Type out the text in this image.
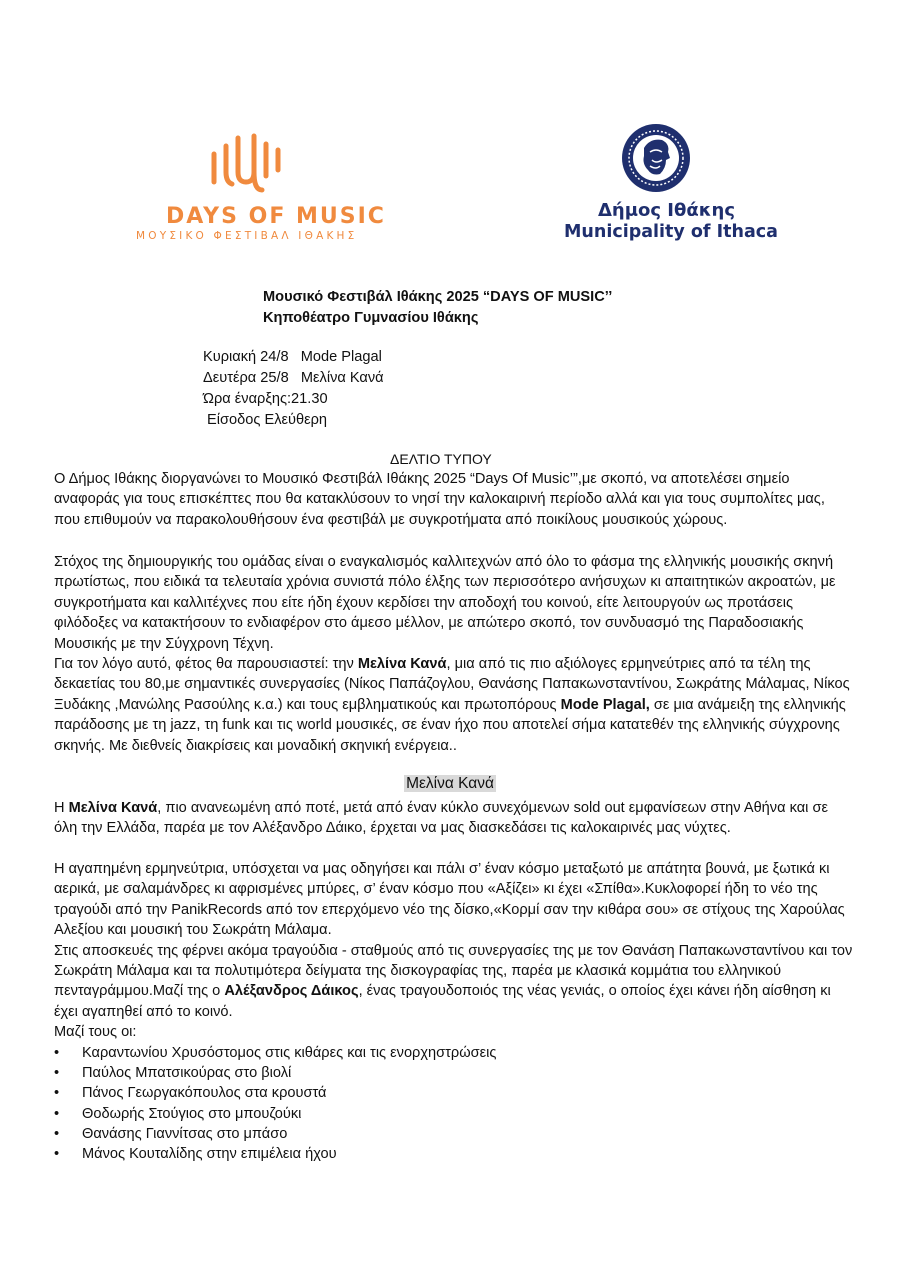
DAYS OF MUSIC
ΜΟΥΣΙΚΟ ΦΕΣΤΙΒΑΛ ΙΘΑΚΗΣ
Δήμος Ιθάκης
Municipality of Ithaca
Μουσικό Φεστιβάλ Ιθάκης 2025 “DAYS OF MUSIC’’
Κηποθέατρο Γυμνασίου Ιθάκης
Κυριακή 24/8   Mode Plagal
Δευτέρα 25/8   Μελίνα Κανά
Ώρα έναρξης:21.30
Είσοδος Ελεύθερη
ΔΕΛΤΙΟ ΤΥΠΟΥ

Ο Δήμος Ιθάκης διοργανώνει το Μουσικό Φεστιβάλ Ιθάκης 2025 “Days Of Music’”,με σκοπό, να αποτελέσει σημείο αναφοράς για τους επισκέπτες που θα κατακλύσουν το νησί την καλοκαιρινή περίοδο αλλά και για τους συμπολίτες μας, που επιθυμούν να παρακολουθήσουν ένα φεστιβάλ με συγκροτήματα από ποικίλους μουσικούς χώρους.

Στόχος της δημιουργικής του ομάδας είναι ο εναγκαλισμός καλλιτεχνών από όλο το φάσμα της ελληνικής μουσικής σκηνή πρωτίστως, που ειδικά τα τελευταία χρόνια συνιστά πόλο έλξης των περισσότερο ανήσυχων κι απαιτητικών ακροατών, με συγκροτήματα και καλλιτέχνες που είτε ήδη έχουν κερδίσει την αποδοχή του κοινού, είτε λειτουργούν ως προτάσεις φιλόδοξες να κατακτήσουν το ενδιαφέρον στο άμεσο μέλλον, με απώτερο σκοπό, τον συνδυασμό της Παραδοσιακής Μουσικής με την Σύγχρονη Τέχνη.

Για τον λόγο αυτό, φέτος θα παρουσιαστεί: την Μελίνα Κανά, μια από τις πιο αξιόλογες ερμηνεύτριες από τα τέλη της δεκαετίας του 80,με σημαντικές συνεργασίες (Νίκος Παπάζογλου, Θανάσης Παπακωνσταντίνου, Σωκράτης Μάλαμας, Νίκος Ξυδάκης ,Μανώλης Ρασούλης κ.α.) και τους εμβληματικούς και πρωτοπόρους Mode Plagal, σε μια ανάμειξη της ελληνικής παράδοσης με τη jazz, τη funk και τις world μουσικές, σε έναν ήχο που αποτελεί σήμα κατατεθέν της ελληνικής σύγχρονης σκηνής. Με διεθνείς διακρίσεις και μοναδική σκηνική ενέργεια..

Μελίνα Κανά

Η Μελίνα Κανά, πιο ανανεωμένη από ποτέ, μετά από έναν κύκλο συνεχόμενων sold out εμφανίσεων στην Αθήνα και σε όλη την Ελλάδα, παρέα με τον Αλέξανδρο Δάικο, έρχεται να μας διασκεδάσει τις καλοκαιρινές μας νύχτες.

Η αγαπημένη ερμηνεύτρια, υπόσχεται να μας οδηγήσει και πάλι σ’ έναν κόσμο μεταξωτό με απάτητα βουνά, με ξωτικά κι αερικά, με σαλαμάνδρες κι αφρισμένες μπύρες, σ’ έναν κόσμο που «Αξίζει» κι έχει «Σπίθα».Κυκλοφορεί ήδη το νέο της τραγούδι από την PanikRecords από τον επερχόμενο νέο της δίσκο,«Κορμί σαν την κιθάρα σου» σε στίχους της Χαρούλας Αλεξίου και μουσική του Σωκράτη Μάλαμα.

Στις αποσκευές της φέρνει ακόμα τραγούδια - σταθμούς από τις συνεργασίες της με τον Θανάση Παπακωνσταντίνου και τον Σωκράτη Μάλαμα και τα πολυτιμότερα δείγματα της δισκογραφίας της, παρέα με κλασικά κομμάτια του ελληνικού πενταγράμμου.Μαζί της ο Αλέξανδρος Δάικος, ένας τραγουδοποιός της νέας γενιάς, ο οποίος έχει κάνει ήδη αίσθηση κι έχει αγαπηθεί από το κοινό.

Μαζί τους οι:

• Καραντωνίου Χρυσόστομος στις κιθάρες και τις ενορχηστρώσεις
• Παύλος Μπατσικούρας στο βιολί
• Πάνος Γεωργακόπουλος στα κρουστά
• Θοδωρής Στούγιος στο μπουζούκι
• Θανάσης Γιαννίτσας στο μπάσο
• Μάνος Κουταλίδης στην επιμέλεια ήχου
